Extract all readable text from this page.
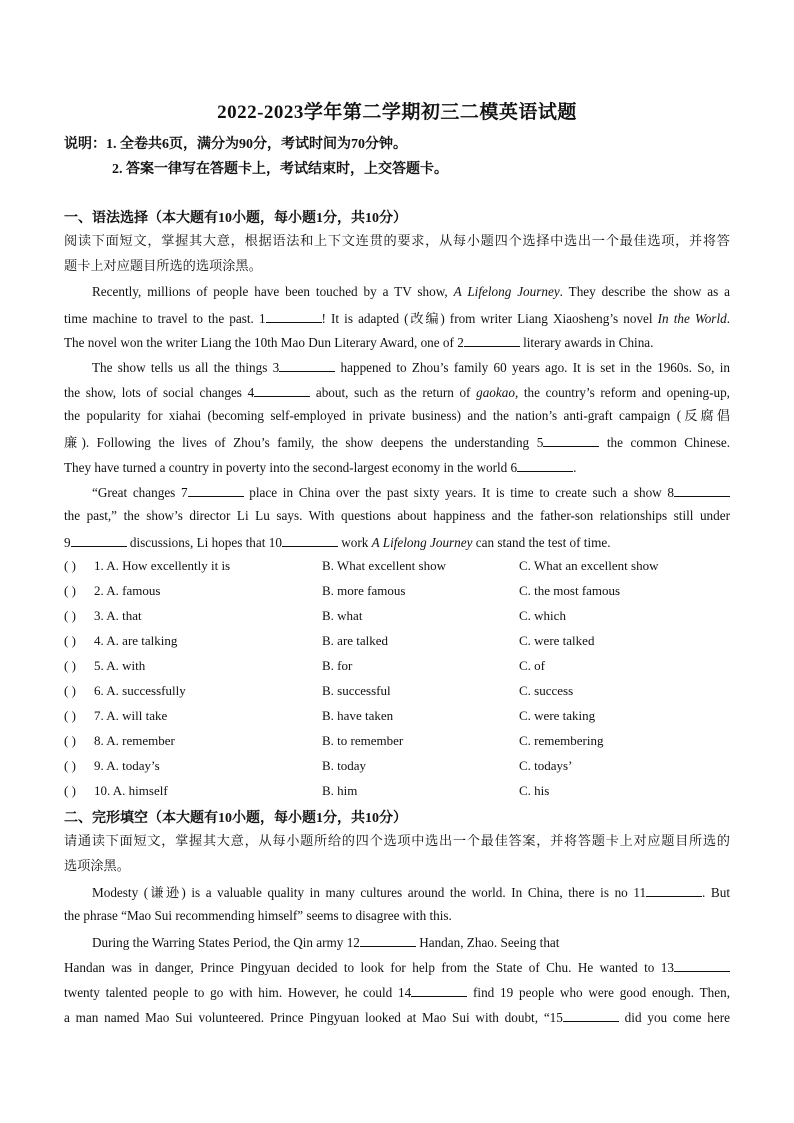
2022-2023学年第二学期初三二模英语试题
说明：1. 全卷共6页，满分为90分，考试时间为70分钟。
2. 答案一律写在答题卡上，考试结束时，上交答题卡。
一、语法选择（本大题有10小题，每小题1分，共10分）
阅读下面短文，掌握其大意，根据语法和上下文连贯的要求，从每小题四个选择中选出一个最佳选项，并将答
题卡上对应题目所选的选项涂黑。
Recently, millions of people have been touched by a TV show, A Lifelong Journey. They describe the show as a
time machine to travel to the past. 1	! It is adapted (改编) from writer Liang Xiaosheng’s novel In the World.
The novel won the writer Liang the 10th Mao Dun Literary Award, one of 2	literary awards in China.
The show tells us all the things 3	happened to Zhou’s family 60 years ago. It is set in the 1960s. So, in
the show, lots of social changes 4	about, such as the return of gaokao, the country’s reform and opening-up,
the popularity for xiahai (becoming self-employed in private business) and the nation’s anti-graft campaign (反腐倡
廉). Following the lives of Zhou’s family, the show deepens the understanding 5	the common Chinese.
They have turned a country in poverty into the second-largest economy in the world 6	.
“Great changes 7	place in China over the past sixty years. It is time to create such a show 8
the past,” the show’s director Li Lu says. With questions about happiness and the father-son relationships still under
9	discussions, Li hopes that 10	work A Lifelong Journey can stand the test of time.
( ) 1. A. How excellently it is	B. What excellent show	C. What an excellent show
( ) 2. A. famous	B. more famous	C. the most famous
( ) 3. A. that	B. what	C. which
( ) 4. A. are talking	B. are talked	C. were talked
( ) 5. A. with	B. for	C. of
( ) 6. A. successfully	B. successful	C. success
( ) 7. A. will take	B. have taken	C. were taking
( ) 8. A. remember	B. to remember	C. remembering
( ) 9. A. today’s	B. today	C. todays’
( ) 10. A. himself	B. him	C. his
二、完形填空（本大题有10小题，每小题1分，共10分）
请通读下面短文，掌握其大意，从每小题所给的四个选项中选出一个最佳答案，并将答题卡上对应题目所选的
选项涂黑。
Modesty (谦逊) is a valuable quality in many cultures around the world. In China, there is no 11	. But
the phrase “Mao Sui recommending himself” seems to disagree with this.
During the Warring States Period, the Qin army 12	Handan, Zhao. Seeing that
Handan was in danger, Prince Pingyuan decided to look for help from the State of Chu. He wanted to 13
twenty talented people to go with him. However, he could 14	find 19 people who were good enough. Then,
a man named Mao Sui volunteered. Prince Pingyuan looked at Mao Sui with doubt, “15	did you come here
